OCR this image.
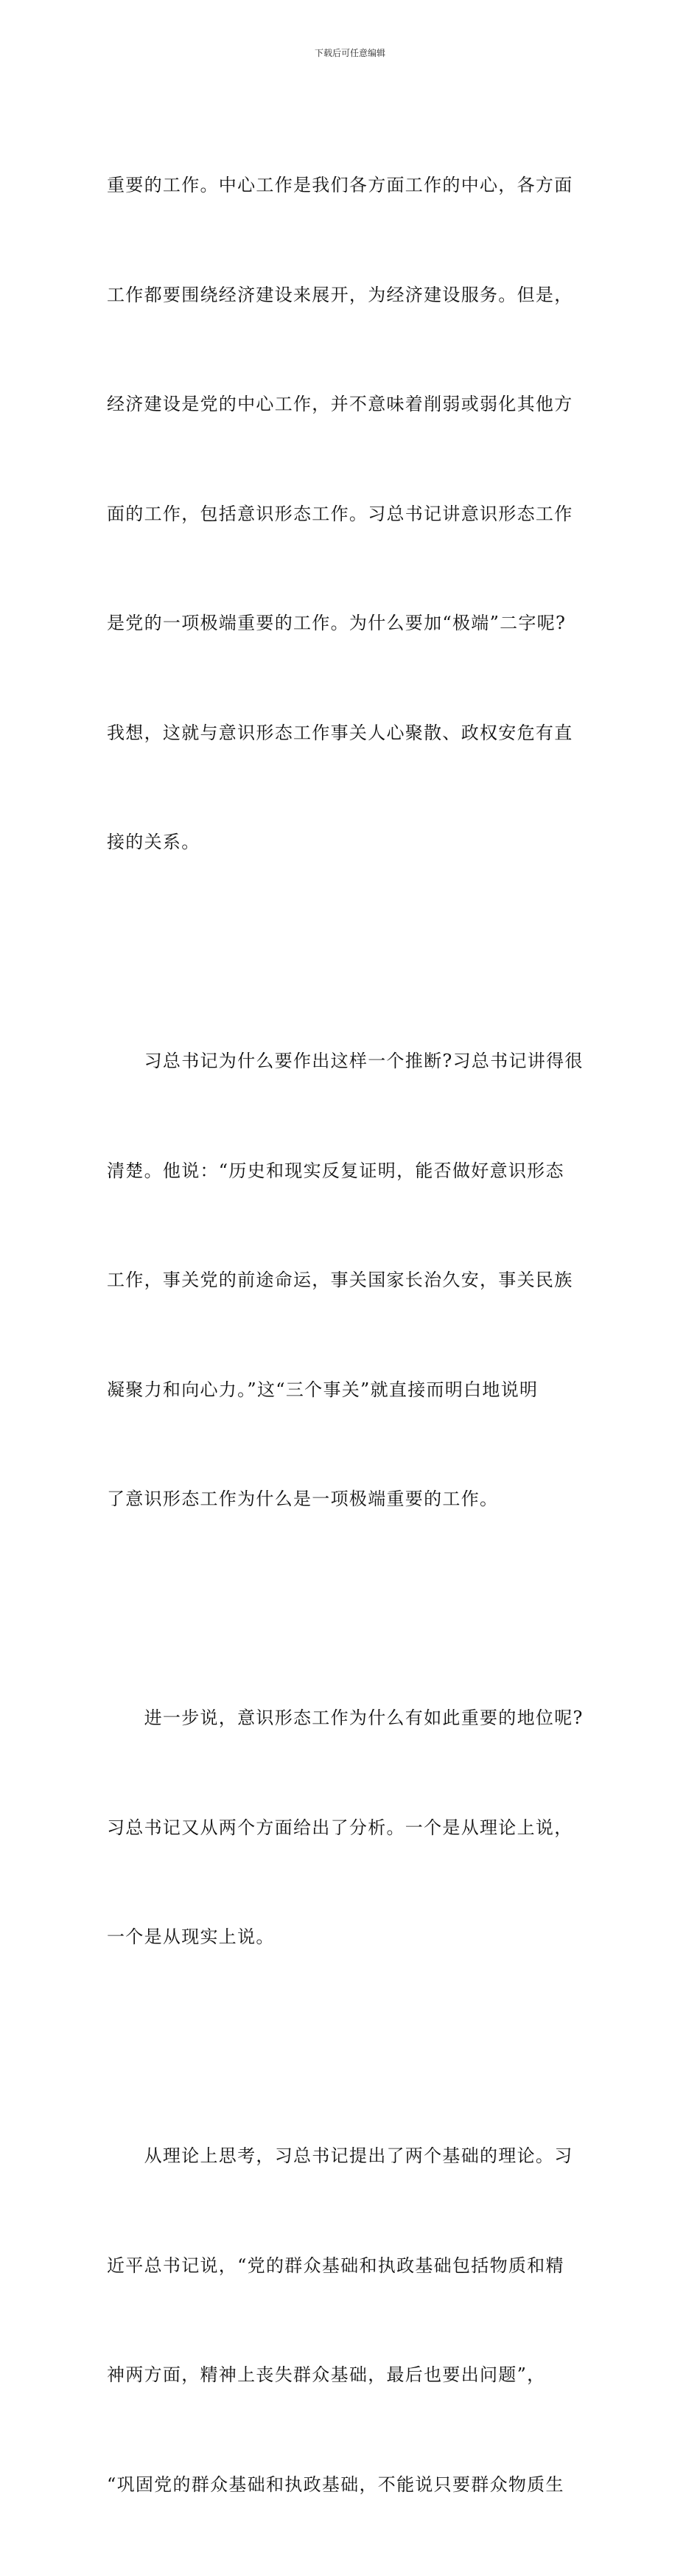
下载后可任意编辑

重要的工作。中心工作是我们各方面工作的中心，各方面

工作都要围绕经济建设来展开，为经济建设服务。但是，

经济建设是党的中心工作，并不意味着削弱或弱化其他方

面的工作，包括意识形态工作。习总书记讲意识形态工作

是党的一项极端重要的工作。为什么要加“极端”二字呢?

我想，这就与意识形态工作事关人心聚散、政权安危有直

接的关系。

　　习总书记为什么要作出这样一个推断?习总书记讲得很

清楚。他说：“历史和现实反复证明，能否做好意识形态

工作，事关党的前途命运，事关国家长治久安，事关民族

凝聚力和向心力。”这“三个事关”就直接而明白地说明

了意识形态工作为什么是一项极端重要的工作。

　　进一步说，意识形态工作为什么有如此重要的地位呢?

习总书记又从两个方面给出了分析。一个是从理论上说，

一个是从现实上说。

　　从理论上思考，习总书记提出了两个基础的理论。习

近平总书记说，“党的群众基础和执政基础包括物质和精

神两方面，精神上丧失群众基础，最后也要出问题”，

“巩固党的群众基础和执政基础，不能说只要群众物质生
